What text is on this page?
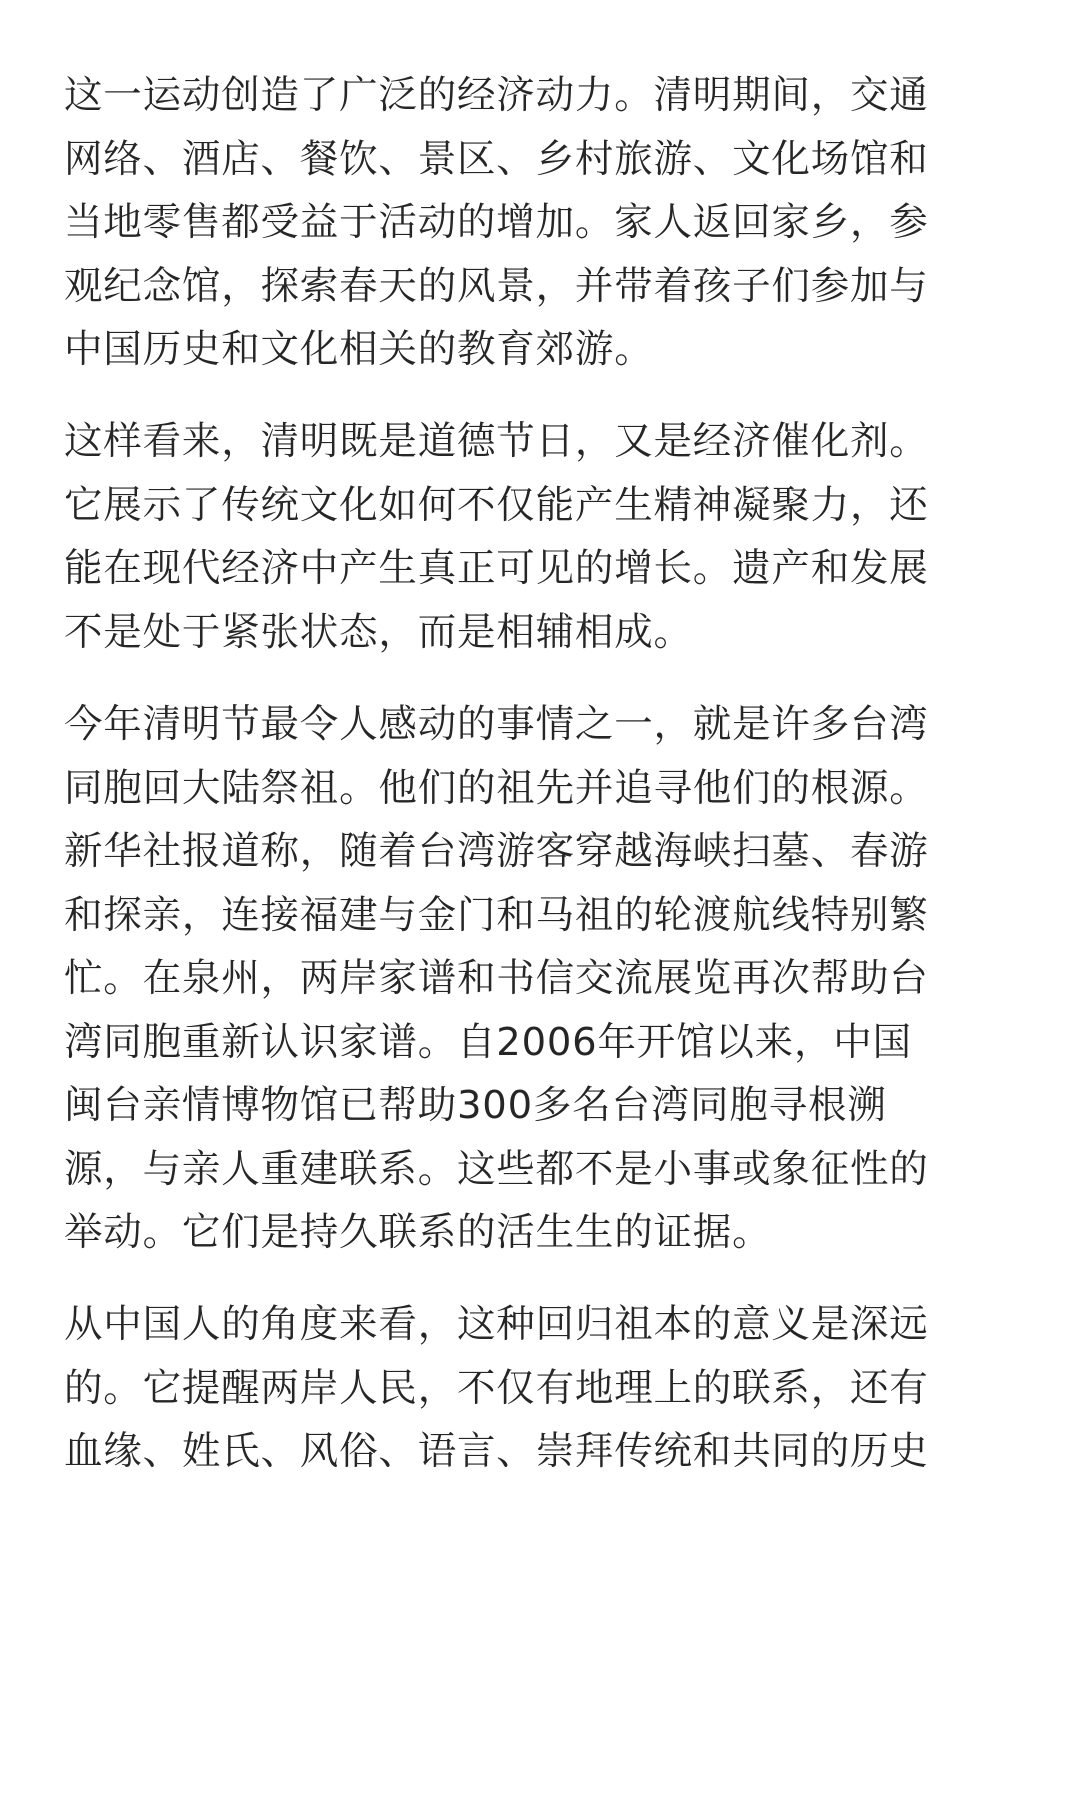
这一运动创造了广泛的经济动力。清明期间，交通
网络、酒店、餐饮、景区、乡村旅游、文化场馆和
当地零售都受益于活动的增加。家人返回家乡，参
观纪念馆，探索春天的风景，并带着孩子们参加与
中国历史和文化相关的教育郊游。

这样看来，清明既是道德节日，又是经济催化剂。
它展示了传统文化如何不仅能产生精神凝聚力，还
能在现代经济中产生真正可见的增长。遗产和发展
不是处于紧张状态，而是相辅相成。

今年清明节最令人感动的事情之一，就是许多台湾
同胞回大陆祭祖。他们的祖先并追寻他们的根源。
新华社报道称，随着台湾游客穿越海峡扫墓、春游
和探亲，连接福建与金门和马祖的轮渡航线特别繁
忙。在泉州，两岸家谱和书信交流展览再次帮助台
湾同胞重新认识家谱。自2006年开馆以来，中国
闽台亲情博物馆已帮助300多名台湾同胞寻根溯
源，与亲人重建联系。这些都不是小事或象征性的
举动。它们是持久联系的活生生的证据。

从中国人的角度来看，这种回归祖本的意义是深远
的。它提醒两岸人民，不仅有地理上的联系，还有
血缘、姓氏、风俗、语言、崇拜传统和共同的历史
